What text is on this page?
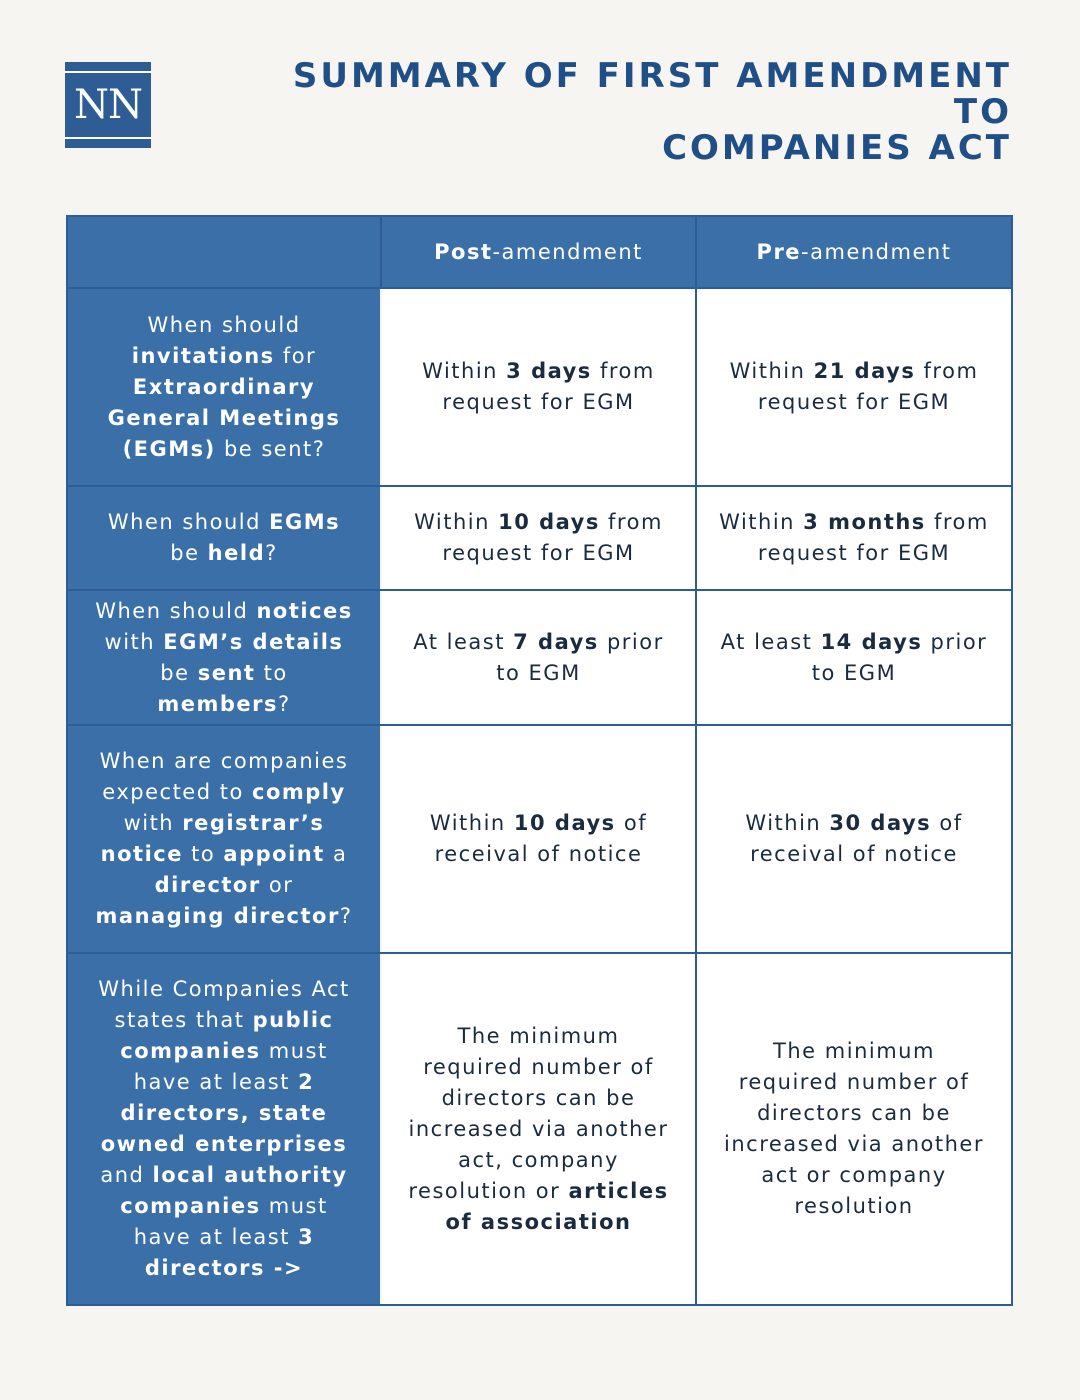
NN
SUMMARY OF FIRST AMENDMENT TO
COMPANIES ACT
	Post-amendment	Pre-amendment
When should invitations for Extraordinary General Meetings (EGMs) be sent?	Within 3 days from request for EGM	Within 21 days from request for EGM
When should EGMs be held?	Within 10 days from request for EGM	Within 3 months from request for EGM
When should notices with EGM’s details be sent to members?	At least 7 days prior to EGM	At least 14 days prior to EGM
When are companies expected to comply with registrar’s notice to appoint a director or managing director?	Within 10 days of receival of notice	Within 30 days of receival of notice
While Companies Act states that public companies must have at least 2 directors, state owned enterprises and local authority companies must have at least 3 directors ->	The minimum required number of directors can be increased via another act, company resolution or articles of association	The minimum required number of directors can be increased via another act or company resolution
